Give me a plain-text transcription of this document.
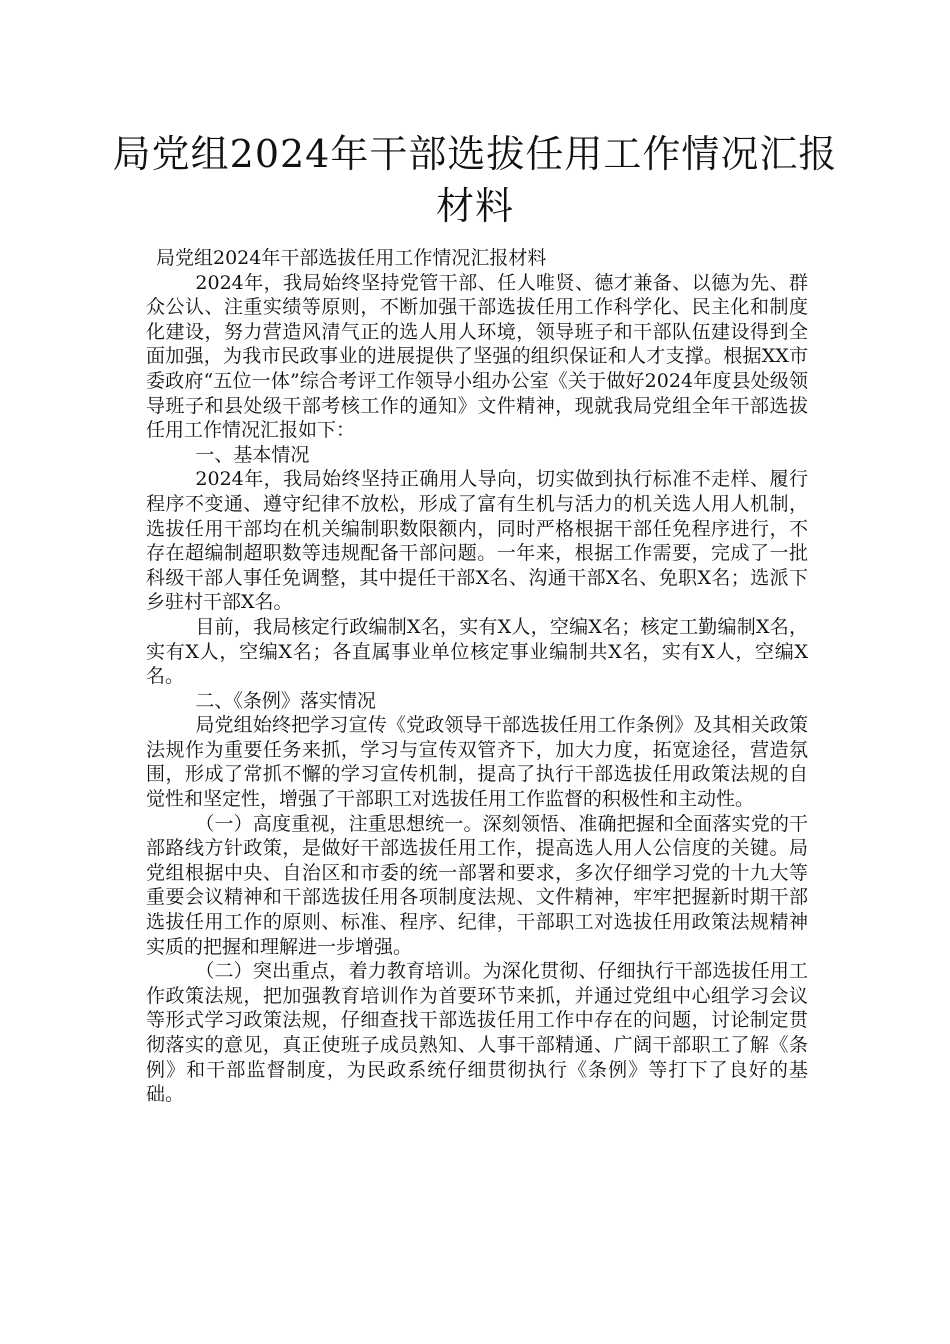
局党组2024年干部选拔任用工作情况汇报
材料

局党组2024年干部选拔任用工作情况汇报材料

2024年，我局始终坚持党管干部、任人唯贤、德才兼备、以德为先、群众公认、注重实绩等原则，不断加强干部选拔任用工作科学化、民主化和制度化建设，努力营造风清气正的选人用人环境，领导班子和干部队伍建设得到全面加强，为我市民政事业的进展提供了坚强的组织保证和人才支撑。根据XX市委政府“五位一体”综合考评工作领导小组办公室《关于做好2024年度县处级领导班子和县处级干部考核工作的通知》文件精神，现就我局党组全年干部选拔任用工作情况汇报如下：

一、基本情况

2024年，我局始终坚持正确用人导向，切实做到执行标准不走样、履行程序不变通、遵守纪律不放松，形成了富有生机与活力的机关选人用人机制，选拔任用干部均在机关编制职数限额内，同时严格根据干部任免程序进行，不存在超编制超职数等违规配备干部问题。一年来，根据工作需要，完成了一批科级干部人事任免调整，其中提任干部X名、沟通干部X名、免职X名；选派下乡驻村干部X名。

目前，我局核定行政编制X名，实有X人，空编X名；核定工勤编制X名，实有X人，空编X名；各直属事业单位核定事业编制共X名，实有X人，空编X名。

二、《条例》落实情况

局党组始终把学习宣传《党政领导干部选拔任用工作条例》及其相关政策法规作为重要任务来抓，学习与宣传双管齐下，加大力度，拓宽途径，营造氛围，形成了常抓不懈的学习宣传机制，提高了执行干部选拔任用政策法规的自觉性和坚定性，增强了干部职工对选拔任用工作监督的积极性和主动性。

（一）高度重视，注重思想统一。深刻领悟、准确把握和全面落实党的干部路线方针政策，是做好干部选拔任用工作，提高选人用人公信度的关键。局党组根据中央、自治区和市委的统一部署和要求，多次仔细学习党的十九大等重要会议精神和干部选拔任用各项制度法规、文件精神，牢牢把握新时期干部选拔任用工作的原则、标准、程序、纪律，干部职工对选拔任用政策法规精神实质的把握和理解进一步增强。

（二）突出重点，着力教育培训。为深化贯彻、仔细执行干部选拔任用工作政策法规，把加强教育培训作为首要环节来抓，并通过党组中心组学习会议等形式学习政策法规，仔细查找干部选拔任用工作中存在的问题，讨论制定贯彻落实的意见，真正使班子成员熟知、人事干部精通、广阔干部职工了解《条例》和干部监督制度，为民政系统仔细贯彻执行《条例》等打下了良好的基础。
